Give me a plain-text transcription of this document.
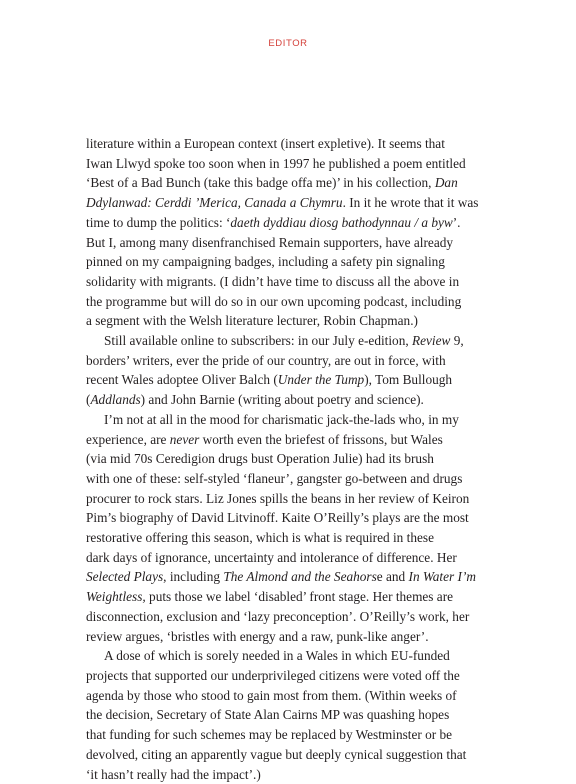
EDITOR

literature within a European context (insert expletive). It seems that
Iwan Llwyd spoke too soon when in 1997 he published a poem entitled
‘Best of a Bad Bunch (take this badge offa me)’ in his collection, Dan
Ddylanwad: Cerddi ’Merica, Canada a Chymru. In it he wrote that it was
time to dump the politics: ‘daeth dyddiau diosg bathodynnau / a byw’.
But I, among many disenfranchised Remain supporters, have already
pinned on my campaigning badges, including a safety pin signaling
solidarity with migrants. (I didn’t have time to discuss all the above in
the programme but will do so in our own upcoming podcast, including
a segment with the Welsh literature lecturer, Robin Chapman.)

Still available online to subscribers: in our July e-edition, Review 9,
borders’ writers, ever the pride of our country, are out in force, with
recent Wales adoptee Oliver Balch (Under the Tump), Tom Bullough
(Addlands) and John Barnie (writing about poetry and science).

I’m not at all in the mood for charismatic jack-the-lads who, in my
experience, are never worth even the briefest of frissons, but Wales
(via mid 70s Ceredigion drugs bust Operation Julie) had its brush
with one of these: self-styled ‘flaneur’, gangster go-between and drugs
procurer to rock stars. Liz Jones spills the beans in her review of Keiron
Pim’s biography of David Litvinoff. Kaite O’Reilly’s plays are the most
restorative offering this season, which is what is required in these
dark days of ignorance, uncertainty and intolerance of difference. Her
Selected Plays, including The Almond and the Seahorse and In Water I’m
Weightless, puts those we label ‘disabled’ front stage. Her themes are
disconnection, exclusion and ‘lazy preconception’. O’Reilly’s work, her
review argues, ‘bristles with energy and a raw, punk-like anger’.

A dose of which is sorely needed in a Wales in which EU-funded
projects that supported our underprivileged citizens were voted off the
agenda by those who stood to gain most from them. (Within weeks of
the decision, Secretary of State Alan Cairns MP was quashing hopes
that funding for such schemes may be replaced by Westminster or be
devolved, citing an apparently vague but deeply cynical suggestion that
‘it hasn’t really had the impact’.)
